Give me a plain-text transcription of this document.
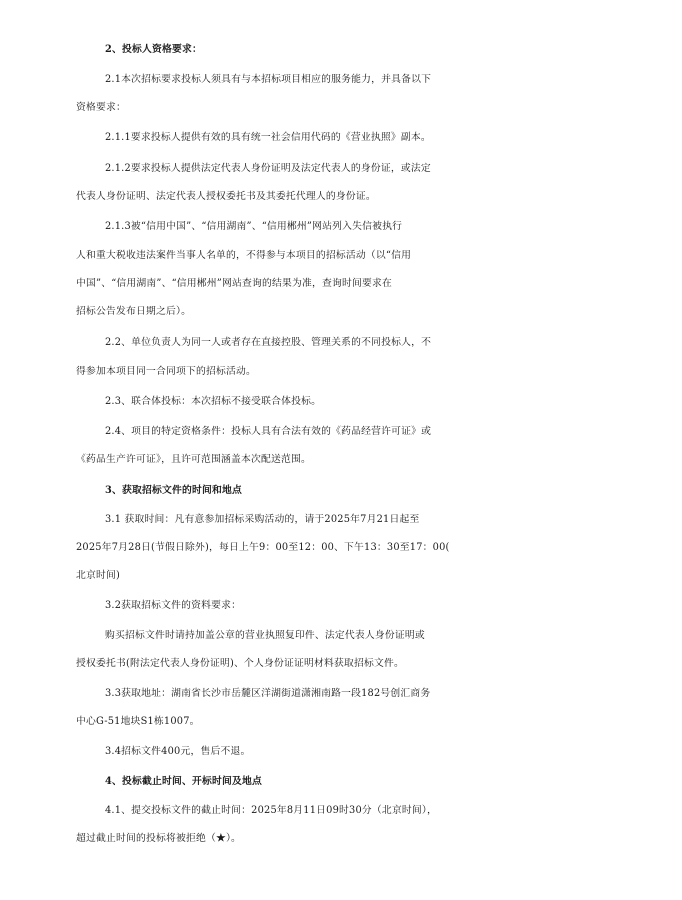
2、投标人资格要求：
2.1本次招标要求投标人须具有与本招标项目相应的服务能力，并具备以下
资格要求：
2.1.1要求投标人提供有效的具有统一社会信用代码的《营业执照》副本。
2.1.2要求投标人提供法定代表人身份证明及法定代表人的身份证，或法定
代表人身份证明、法定代表人授权委托书及其委托代理人的身份证。
2.1.3被“信用中国”、“信用湖南”、“信用郴州”网站列入失信被执行
人和重大税收违法案件当事人名单的，不得参与本项目的招标活动（以“信用
中国”、“信用湖南”、“信用郴州”网站查询的结果为准，查询时间要求在
招标公告发布日期之后）。
2.2、单位负责人为同一人或者存在直接控股、管理关系的不同投标人，不
得参加本项目同一合同项下的招标活动。
2.3、联合体投标：本次招标不接受联合体投标。
2.4、项目的特定资格条件：投标人具有合法有效的《药品经营许可证》或
《药品生产许可证》，且许可范围涵盖本次配送范围。
3、获取招标文件的时间和地点
3.1 获取时间：凡有意参加招标采购活动的，请于2025年7月21日起至
2025年7月28日(节假日除外)，每日上午9：00至12：00、下午13：30至17：00(
北京时间)
3.2获取招标文件的资料要求：
购买招标文件时请持加盖公章的营业执照复印件、法定代表人身份证明或
授权委托书(附法定代表人身份证明)、个人身份证证明材料获取招标文件。
3.3获取地址：湖南省长沙市岳麓区洋湖街道潇湘南路一段182号创汇商务
中心G-51地块S1栋1007。
3.4招标文件400元，售后不退。
4、投标截止时间、开标时间及地点
4.1、提交投标文件的截止时间：2025年8月11日09时30分（北京时间），
超过截止时间的投标将被拒绝（★）。
